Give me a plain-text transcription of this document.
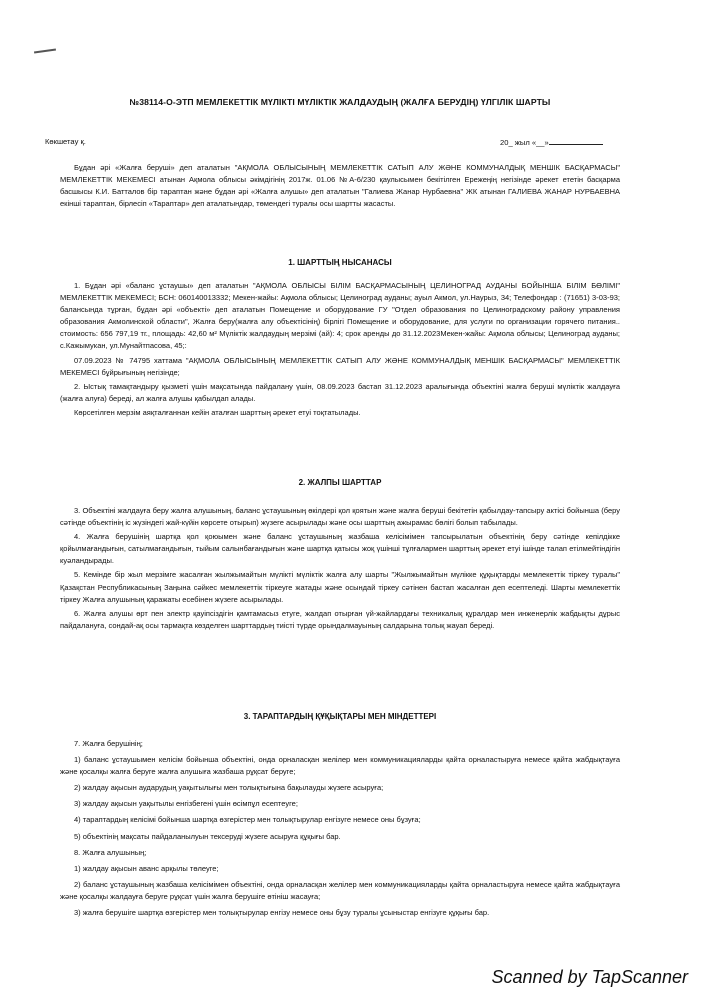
№38114-О-ЭТП МЕМЛЕКЕТТІК МҮЛІКТІ МҮЛІКТІК ЖАЛДАУДЫҢ (ЖАЛҒА БЕРУДІҢ) ҮЛГІЛІК ШАРТЫ
Көкшетау қ.	20_ жыл «__»

Бұдан әрі «Жалға беруші» деп аталатын "АҚМОЛА ОБЛЫСЫНЫҢ МЕМЛЕКЕТТІК САТЫП АЛУ ЖӘНЕ КОММУНАЛДЫҚ МЕНШІК БАСҚАРМАСЫ" МЕМЛЕКЕТТІК МЕКЕМЕСІ атынан Ақмола облысы әкімдігінің 2017ж. 01.06 №А-6/230 қаулысымен бекітілген Ережеңің негізінде әрекет ететін басқарма басшысы К.И. Батталов бір тараптан және бұдан әрі «Жалға алушы» деп аталатын "Галиева Жанар Нурбаевна" ЖК атынан ГАЛИЕВА ЖАНАР НУРБАЕВНА екінші тараптан, бірлесіп «Тараптар» деп аталатындар, төмендегі туралы осы шартты жасасты.

1. ШАРТТЫҢ НЫСАНАСЫ

1. Бұдан әрі «баланс ұстаушы» деп аталатын "АҚМОЛА ОБЛЫСЫ БІЛІМ БАСҚАРМАСЫНЫҢ ЦЕЛИНОГРАД АУДАНЫ БОЙЫНША БІЛІМ БӨЛІМІ" МЕМЛЕКЕТТІК МЕКЕМЕСІ; БСН: 060140013332; Мекен-жайы: Ақмола облысы; Целиноград ауданы; ауыл Акмол, ул.Наурыз, 34; Телефондар : (71651) 3-03-93; балансында тұрған, бұдан әрі «объекті» деп аталатын Помещение и оборудование ГУ "Отдел образования по Целиноградскому району управления образования Акмолинской области", Жалға беру(жалға алу объектісінің) бірлігі Помещение и оборудование, для услуги по организации горячего питания.. стоимость: 656 797,19 тг., площадь: 42,60 м² Мүліктік жалдаудың мерзімі (ай): 4; срок аренды до 31.12.2023Мекен-жайы: Ақмола облысы; Целиноград ауданы; с.Кажымукан, ул.Мунайтпасова, 45;:

07.09.2023 № 74795 хаттама "АҚМОЛА ОБЛЫСЫНЫҢ МЕМЛЕКЕТТІК САТЫП АЛУ ЖӘНЕ КОММУНАЛДЫҚ МЕНШІК БАСҚАРМАСЫ" МЕМЛЕКЕТТІК МЕКЕМЕСІ бұйрығының негізінде;

2. Ыстық тамақтандыру қызметі үшін мақсатында пайдалану үшін, 08.09.2023 бастап 31.12.2023 аралығында объектіні жалға беруші мүліктік жалдауға (жалға алуға) береді, ал жалға алушы қабылдап алады.

Көрсетілген мерзім аяқталғаннан кейін аталған шарттың әрекет етуі тоқтатылады.

2. ЖАЛПЫ ШАРТТАР

3. Объектіні жалдауға беру жалға алушының, баланс ұстаушының өкілдері қол қоятын және жалға беруші бекітетін қабылдау-тапсыру актісі бойынша (беру сәтінде объектінің іс жүзіндегі жай-күйін көрсете отырып) жүзеге асырылады және осы шарттың ажырамас бөлігі болып табылады.

4. Жалға берушінің шартқа қол қоюымен және баланс ұстаушының жазбаша келісімімен тапсырылатын объектінің беру сәтінде кепілдікке қойылмағандығын, сатылмағандығын, тыйым салынбағандығын және шартқа қатысы жоқ үшінші тұлғалармен шарттың әрекет етуі ішінде талап етілмейтіндігін куәландырады.

5. Кемінде бір жыл мерзімге жасалған жылжымайтын мүлікті мүліктік жалға алу шарты "Жылжымайтын мүлікке құқықтарды мемлекеттік тіркеу туралы" Қазақстан Республикасының Заңына сәйкес мемлекеттік тіркеуге жатады және осындай тіркеу сәтінен бастап жасалған деп есептеледі. Шарты мемлекеттік тіркеу Жалға алушының қаражаты есебінен жүзеге асырылады.

6. Жалға алушы өрт пен электр қауіпсіздігін қамтамасыз етуге, жалдап отырған үй-жайлардағы техникалық құралдар мен инженерлік жабдықты дұрыс пайдалануға, сондай-ақ осы тармақта көзделген шарттардың тиісті түрде орындалмауының салдарына толық жауап береді.

3. ТАРАПТАРДЫҢ ҚҰҚЫҚТАРЫ МЕН МІНДЕТТЕРІ

7. Жалға берушінің;

1) баланс ұстаушымен келісім бойынша объектіні, онда орналасқан желілер мен коммуникацияларды қайта орналастыруға немесе қайта жабдықтауға және қосалқы жалға беруге жалға алушыға жазбаша рұқсат беруге;

2) жалдау ақысын аударудың уақытылығы мен толықтығына бақылауды жүзеге асыруға;

3) жалдау ақысын уақытылы енгізбегені үшін өсімпұл есептеуге;

4) тараптардың келісімі бойынша шартқа өзгерістер мен толықтырулар енгізуге немесе оны бұзуға;

5) объектінің мақсаты пайдаланылуын тексеруді жүзеге асыруға құқығы бар.

8. Жалға алушының;

1) жалдау ақысын аванс арқылы төлеуге;

2) баланс ұстаушының жазбаша келісімімен объектіні, онда орналасқан желілер мен коммуникацияларды қайта орналастыруға немесе қайта жабдықтауға және қосалқы жалдауға беруге рұқсат үшін жалға берушіге өтініш жасауға;

3) жалға берушіге шартқа өзгерістер мен толықтырулар енгізу немесе оны бұзу туралы ұсыныстар енгізуге құқығы бар.

Scanned by TapScanner
